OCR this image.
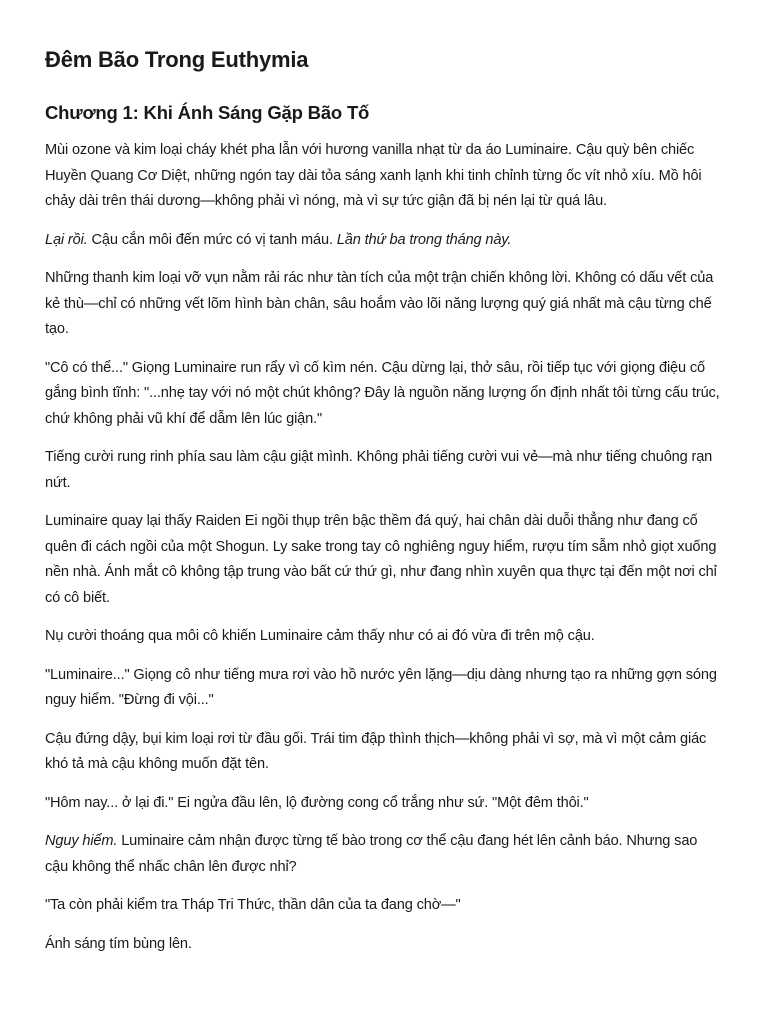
Đêm Bão Trong Euthymia
Chương 1: Khi Ánh Sáng Gặp Bão Tố

Mùi ozone và kim loại cháy khét pha lẫn với hương vanilla nhạt từ da áo Luminaire. Cậu quỳ bên chiếc Huyền Quang Cơ Diệt, những ngón tay dài tỏa sáng xanh lạnh khi tinh chỉnh từng ốc vít nhỏ xíu. Mồ hôi chảy dài trên thái dương—không phải vì nóng, mà vì sự tức giận đã bị nén lại từ quá lâu.

Lại rồi. Cậu cắn môi đến mức có vị tanh máu. Lần thứ ba trong tháng này.

Những thanh kim loại vỡ vụn nằm rải rác như tàn tích của một trận chiến không lời. Không có dấu vết của kẻ thù—chỉ có những vết lõm hình bàn chân, sâu hoắm vào lõi năng lượng quý giá nhất mà cậu từng chế tạo.

"Cô có thể..." Giọng Luminaire run rẩy vì cố kìm nén. Cậu dừng lại, thở sâu, rồi tiếp tục với giọng điệu cố gắng bình tĩnh: "...nhẹ tay với nó một chút không? Đây là nguồn năng lượng ổn định nhất tôi từng cấu trúc, chứ không phải vũ khí để dẫm lên lúc giận."

Tiếng cười rung rinh phía sau làm cậu giật mình. Không phải tiếng cười vui vẻ—mà như tiếng chuông rạn nứt.

Luminaire quay lại thấy Raiden Ei ngồi thụp trên bậc thềm đá quý, hai chân dài duỗi thẳng như đang cố quên đi cách ngồi của một Shogun. Ly sake trong tay cô nghiêng nguy hiểm, rượu tím sẫm nhỏ giọt xuống nền nhà. Ánh mắt cô không tập trung vào bất cứ thứ gì, như đang nhìn xuyên qua thực tại đến một nơi chỉ có cô biết.

Nụ cười thoáng qua môi cô khiến Luminaire cảm thấy như có ai đó vừa đi trên mộ cậu.

"Luminaire..." Giọng cô như tiếng mưa rơi vào hồ nước yên lặng—dịu dàng nhưng tạo ra những gợn sóng nguy hiểm. "Đừng đi vội..."

Cậu đứng dậy, bụi kim loại rơi từ đầu gối. Trái tim đập thình thịch—không phải vì sợ, mà vì một cảm giác khó tả mà cậu không muốn đặt tên.

"Hôm nay... ở lại đi." Ei ngửa đầu lên, lộ đường cong cổ trắng như sứ. "Một đêm thôi."

Nguy hiểm. Luminaire cảm nhận được từng tế bào trong cơ thể cậu đang hét lên cảnh báo. Nhưng sao cậu không thể nhấc chân lên được nhỉ?

"Ta còn phải kiểm tra Tháp Tri Thức, thần dân của ta đang chờ—"

Ánh sáng tím bùng lên.
